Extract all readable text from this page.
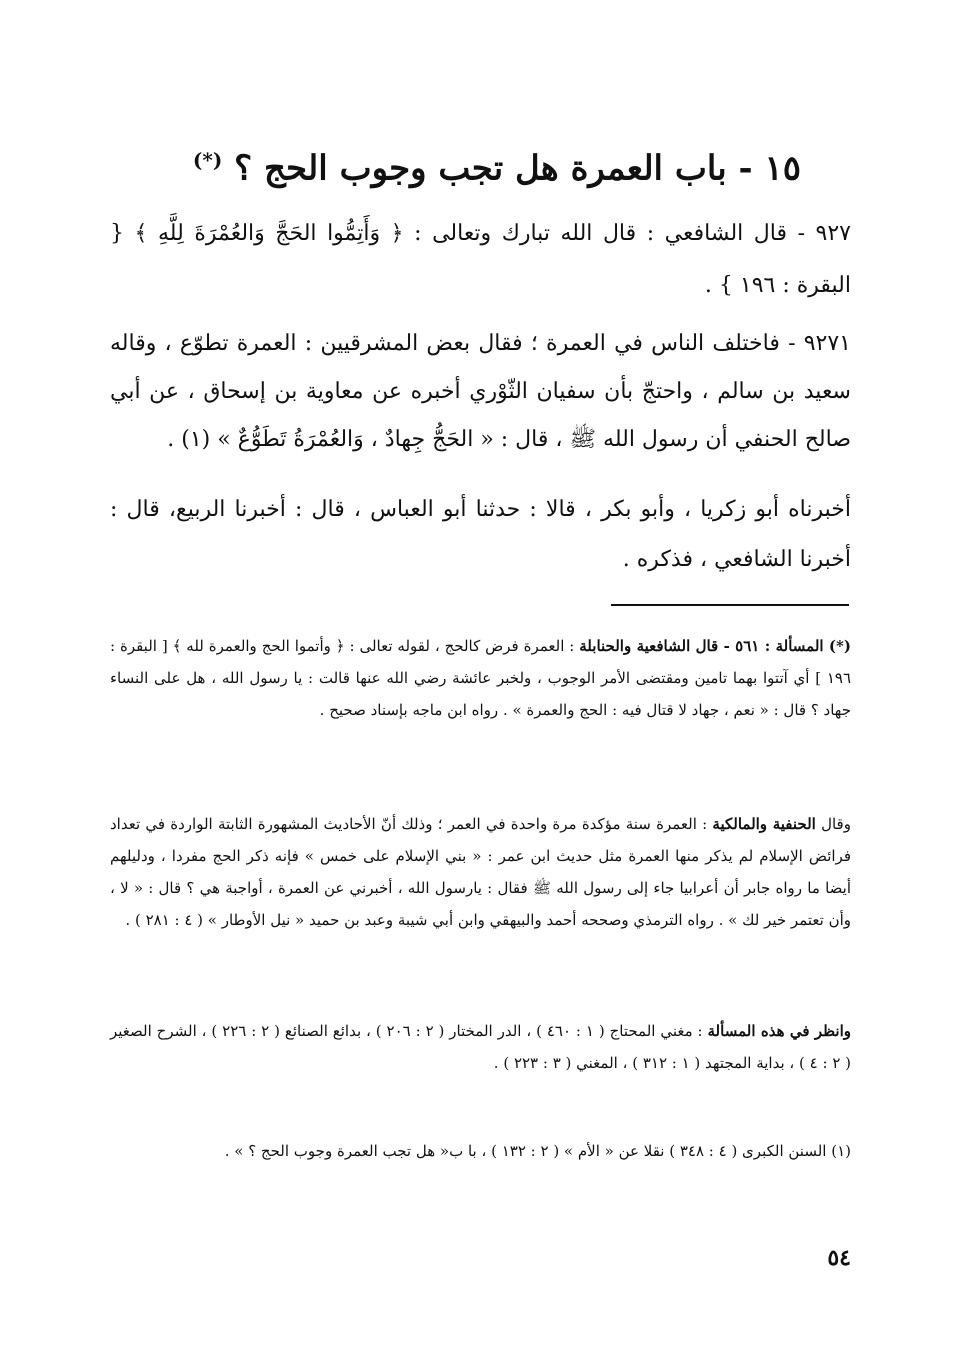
١٥ - باب العمرة هل تجب وجوب الحج ؟ (*)
٩٢٧ - قال الشافعي : قال الله تبارك وتعالى : ﴿ وَأَتِمُّوا الحَجَّ وَالعُمْرَةَ لِلَّهِ ﴾ { البقرة : ١٩٦ } .
٩٢٧١ - فاختلف الناس في العمرة ؛ فقال بعض المشرقيين : العمرة تطوّع ، وقاله سعيد بن سالم ، واحتجّ بأن سفيان الثّوْري أخبره عن معاوية بن إسحاق ، عن أبي صالح الحنفي أن رسول الله ﷺ ، قال : « الحَجُّ جِهادٌ ، وَالعُمْرَةُ تَطَوُّعٌ » (١) .
أخبرناه أبو زكريا ، وأبو بكر ، قالا : حدثنا أبو العباس ، قال : أخبرنا الربيع، قال : أخبرنا الشافعي ، فذكره .
(*) المسألة : ٥٦١ - قال الشافعية والحنابلة : العمرة فرض كالحج ، لقوله تعالى : ﴿ وأتموا الحج والعمرة لله ﴾ [ البقرة : ١٩٦ ] أي آتتوا بهما تامين ومقتضى الأمر الوجوب ، ولخبر عائشة رضي الله عنها قالت : يا رسول الله ، هل على النساء جهاد ؟ قال : « نعم ، جهاد لا قتال فيه : الحج والعمرة » . رواه ابن ماجه بإسناد صحيح .
وقال الحنفية والمالكية : العمرة سنة مؤكدة مرة واحدة في العمر ؛ وذلك أنّ الأحاديث المشهورة الثابتة الواردة في تعداد فرائض الإسلام لم يذكر منها العمرة مثل حديث ابن عمر : « بني الإسلام على خمس » فإنه ذكر الحج مفردا ، ودليلهم أيضا ما رواه جابر أن أعرابيا جاء إلى رسول الله ﷺ فقال : يارسول الله ، أخبرني عن العمرة ، أواجبة هي ؟ قال : « لا ، وأن تعتمر خير لك » . رواه الترمذي وصححه أحمد والبيهقي وابن أبي شيبة وعبد بن حميد « نيل الأوطار » ( ٤ : ٢٨١ ) .
وانظر في هذه المسألة : مغني المحتاج ( ١ : ٤٦٠ ) ، الدر المختار ( ٢ : ٢٠٦ ) ، بدائع الصنائع ( ٢ : ٢٢٦ ) ، الشرح الصغير ( ٢ : ٤ ) ، بداية المجتهد ( ١ : ٣١٢ ) ، المغني ( ٣ : ٢٢٣ ) .
(١) السنن الكبرى ( ٤ : ٣٤٨ ) نقلا عن « الأم » ( ٢ : ١٣٢ ) ، با ب« هل تجب العمرة وجوب الحج ؟ » .
٥٤
